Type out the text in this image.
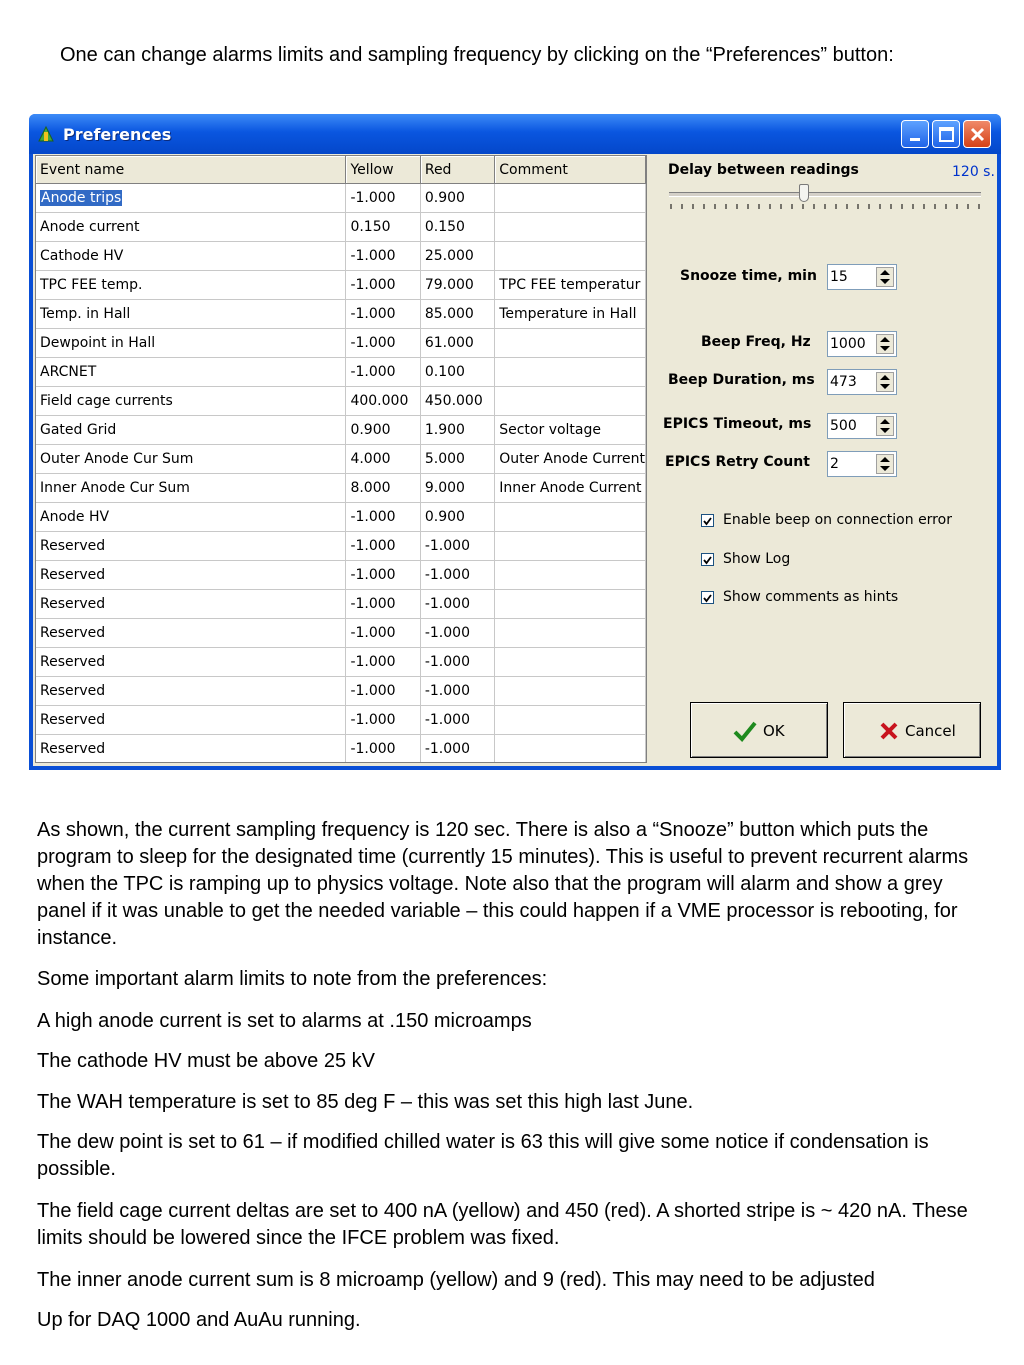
One can change alarms limits and sampling frequency by clicking on the “Preferences” button:
Preferences
Event name	Yellow	Red	Comment
Anode trips	-1.000	0.900	
Anode current	0.150	0.150	
Cathode HV	-1.000	25.000	
TPC FEE temp.	-1.000	79.000	TPC FEE temperatur
Temp. in Hall	-1.000	85.000	Temperature in Hall
Dewpoint in Hall	-1.000	61.000	
ARCNET	-1.000	0.100	
Field cage currents	400.000	450.000	
Gated Grid	0.900	1.900	Sector voltage
Outer Anode Cur Sum	4.000	5.000	Outer Anode Current
Inner Anode Cur Sum	8.000	9.000	Inner Anode Current
Anode HV	-1.000	0.900	
Reserved	-1.000	-1.000	
Reserved	-1.000	-1.000	
Reserved	-1.000	-1.000	
Reserved	-1.000	-1.000	
Reserved	-1.000	-1.000	
Reserved	-1.000	-1.000	
Reserved	-1.000	-1.000	
Reserved	-1.000	-1.000	
Delay between readings	120 s.
Snooze time, min
15
Beep Freq, Hz
1000
Beep Duration, ms
473
EPICS Timeout, ms
500
EPICS Retry Count
2
Enable beep on connection error
Show Log
Show comments as hints
OK	Cancel

As shown, the current sampling frequency is 120 sec. There is also a “Snooze” button which puts the program to sleep for the designated time (currently 15 minutes). This is useful to prevent recurrent alarms when the TPC is ramping up to physics voltage. Note also that the program will alarm and show a grey panel if it was unable to get the needed variable – this could happen if a VME processor is rebooting, for instance.

Some important alarm limits to note from the preferences:

A high anode current is set to alarms at .150 microamps

The cathode HV must be above 25 kV

The WAH temperature is set to 85 deg F – this was set this high last June.

The dew point is set to 61 – if modified chilled water is 63 this will give some notice if condensation is possible.

The field cage current deltas are set to 400 nA (yellow) and 450 (red). A shorted stripe is ~ 420 nA. These limits should be lowered since the IFCE problem was fixed.

The inner anode current sum is 8 microamp (yellow) and 9 (red). This may need to be adjusted

Up for DAQ 1000 and AuAu running.
